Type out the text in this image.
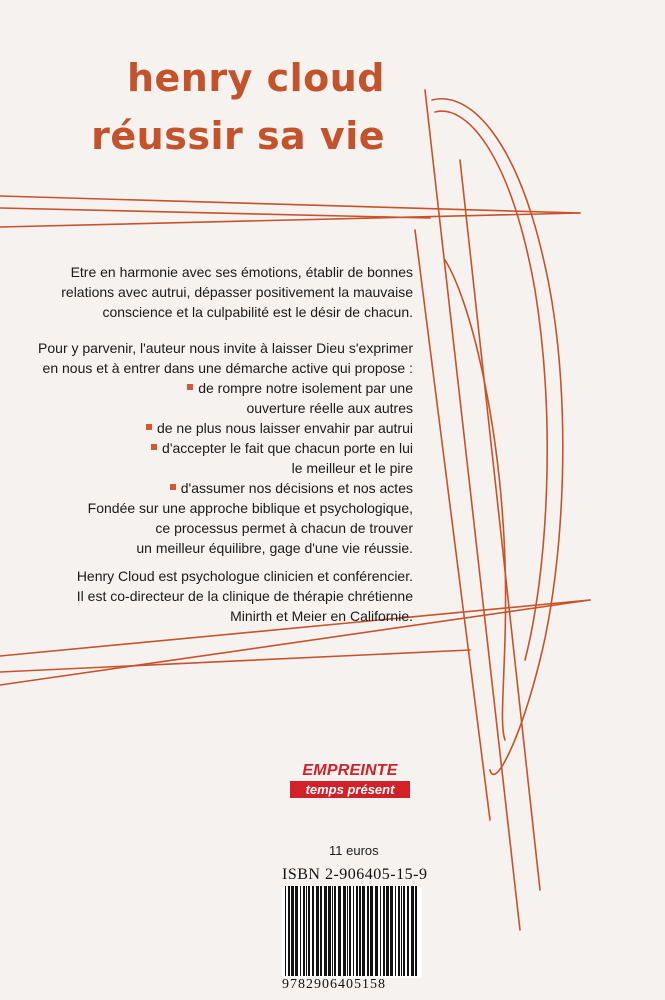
henry cloud
réussir sa vie

Etre en harmonie avec ses émotions, établir de bonnes

relations avec autrui, dépasser positivement la mauvaise

conscience et la culpabilité est le désir de chacun.

Pour y parvenir, l'auteur nous invite à laisser Dieu s'exprimer

en nous et à entrer dans une démarche active qui propose :

de rompre notre isolement par une

ouverture réelle aux autres

de ne plus nous laisser envahir par autrui

d'accepter le fait que chacun porte en lui

le meilleur et le pire

d'assumer nos décisions et nos actes

Fondée sur une approche biblique et psychologique,

ce processus permet à chacun de trouver

un meilleur équilibre, gage d'une vie réussie.

Henry Cloud est psychologue clinicien et conférencier.

Il est co-directeur de la clinique de thérapie chrétienne

Minirth et Meier en Californie.

EMPREINTE
temps présent
11 euros
ISBN 2-906405-15-9
9782906405158
